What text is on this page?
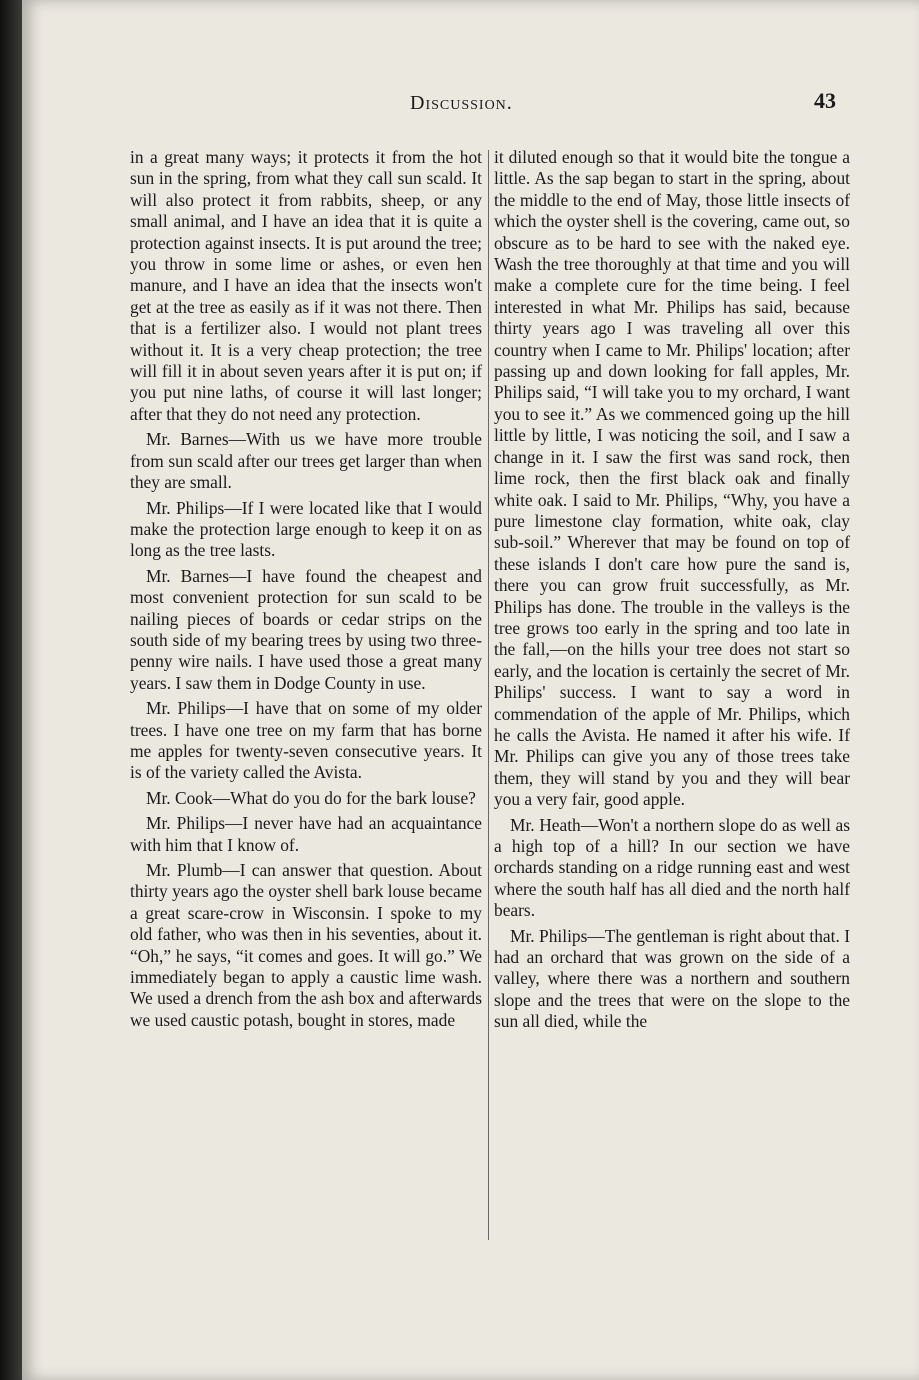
Discussion.	43

in a great many ways; it protects it from the hot sun in the spring, from what they call sun scald. It will also protect it from rabbits, sheep, or any small animal, and I have an idea that it is quite a protection against insects. It is put around the tree; you throw in some lime or ashes, or even hen manure, and I have an idea that the insects won't get at the tree as easily as if it was not there. Then that is a fertilizer also. I would not plant trees without it. It is a very cheap protection; the tree will fill it in about seven years after it is put on; if you put nine laths, of course it will last longer; after that they do not need any protection.

Mr. Barnes—With us we have more trouble from sun scald after our trees get larger than when they are small.

Mr. Philips—If I were located like that I would make the protection large enough to keep it on as long as the tree lasts.

Mr. Barnes—I have found the cheapest and most convenient protection for sun scald to be nailing pieces of boards or cedar strips on the south side of my bearing trees by using two three-penny wire nails. I have used those a great many years. I saw them in Dodge County in use.

Mr. Philips—I have that on some of my older trees. I have one tree on my farm that has borne me apples for twenty-seven consecutive years. It is of the variety called the Avista.

Mr. Cook—What do you do for the bark louse?

Mr. Philips—I never have had an acquaintance with him that I know of.

Mr. Plumb—I can answer that question. About thirty years ago the oyster shell bark louse became a great scare-crow in Wisconsin. I spoke to my old father, who was then in his seventies, about it. “Oh,” he says, “it comes and goes. It will go.” We immediately began to apply a caustic lime wash. We used a drench from the ash box and afterwards we used caustic potash, bought in stores, made

it diluted enough so that it would bite the tongue a little. As the sap began to start in the spring, about the middle to the end of May, those little insects of which the oyster shell is the covering, came out, so obscure as to be hard to see with the naked eye. Wash the tree thoroughly at that time and you will make a complete cure for the time being. I feel interested in what Mr. Philips has said, because thirty years ago I was traveling all over this country when I came to Mr. Philips' location; after passing up and down looking for fall apples, Mr. Philips said, “I will take you to my orchard, I want you to see it.” As we commenced going up the hill little by little, I was noticing the soil, and I saw a change in it. I saw the first was sand rock, then lime rock, then the first black oak and finally white oak. I said to Mr. Philips, “Why, you have a pure limestone clay formation, white oak, clay sub-soil.” Wherever that may be found on top of these islands I don't care how pure the sand is, there you can grow fruit successfully, as Mr. Philips has done. The trouble in the valleys is the tree grows too early in the spring and too late in the fall,—on the hills your tree does not start so early, and the location is certainly the secret of Mr. Philips' success. I want to say a word in commendation of the apple of Mr. Philips, which he calls the Avista. He named it after his wife. If Mr. Philips can give you any of those trees take them, they will stand by you and they will bear you a very fair, good apple.

Mr. Heath—Won't a northern slope do as well as a high top of a hill? In our section we have orchards standing on a ridge running east and west where the south half has all died and the north half bears.

Mr. Philips—The gentleman is right about that. I had an orchard that was grown on the side of a valley, where there was a northern and southern slope and the trees that were on the slope to the sun all died, while the
